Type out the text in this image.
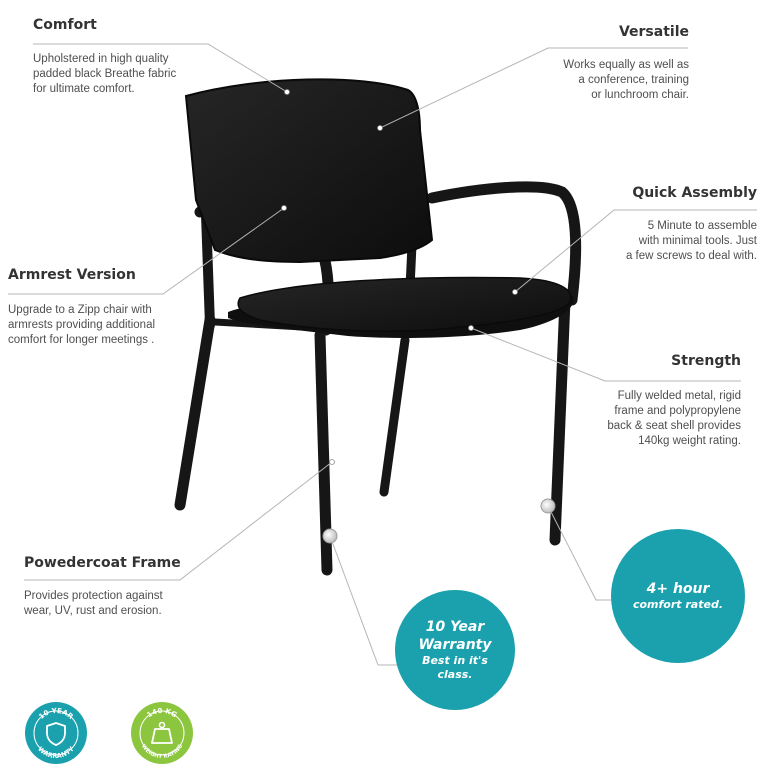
Comfort
Upholstered in high quality
padded black Breathe fabric
for ultimate comfort.
Versatile
Works equally as well as
a conference, training
or lunchroom chair.
Quick Assembly
5 Minute to assemble
with minimal tools. Just
a few screws to deal with.
Armrest Version
Upgrade to a Zipp chair with
armrests providing additional
comfort for longer meetings .
Strength
Fully welded metal, rigid
frame and polypropylene
back & seat shell provides
140kg weight rating.
Powedercoat Frame
Provides protection against
wear, UV, rust and erosion.
10 Year
Warranty
Best in it's
class.
4+ hour
comfort rated.
10 YEAR
WARRANTY
140 KG
WEIGHT RATING
